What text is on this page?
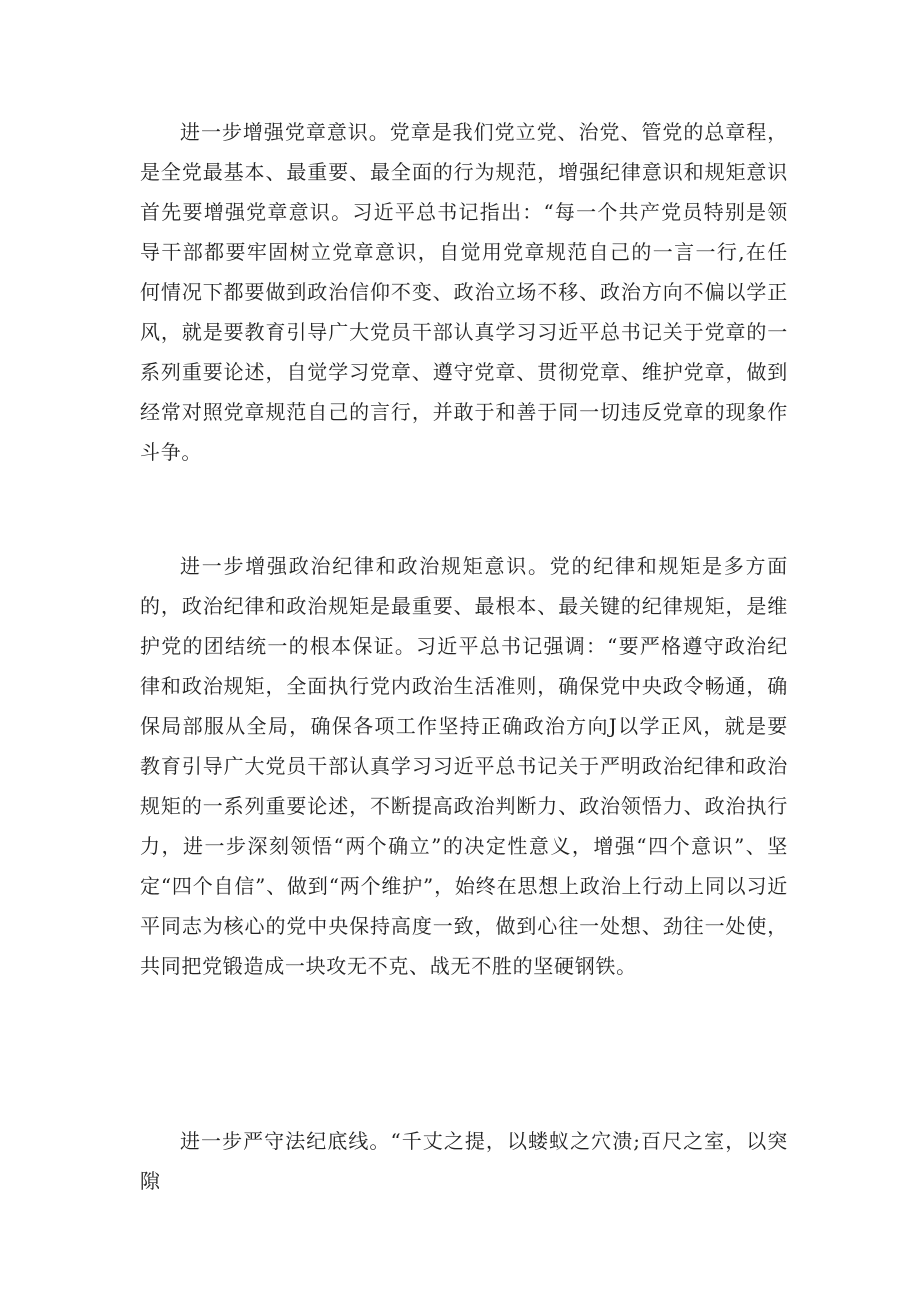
进一步增强党章意识。党章是我们党立党、治党、管党的总章程，是全党最基本、最重要、最全面的行为规范，增强纪律意识和规矩意识首先要增强党章意识。习近平总书记指出：“每一个共产党员特别是领导干部都要牢固树立党章意识，自觉用党章规范自己的一言一行,在任何情况下都要做到政治信仰不变、政治立场不移、政治方向不偏以学正风，就是要教育引导广大党员干部认真学习习近平总书记关于党章的一系列重要论述，自觉学习党章、遵守党章、贯彻党章、维护党章，做到经常对照党章规范自己的言行，并敢于和善于同一切违反党章的现象作斗争。

进一步增强政治纪律和政治规矩意识。党的纪律和规矩是多方面的，政治纪律和政治规矩是最重要、最根本、最关键的纪律规矩，是维护党的团结统一的根本保证。习近平总书记强调：“要严格遵守政治纪律和政治规矩，全面执行党内政治生活准则，确保党中央政令畅通，确保局部服从全局，确保各项工作坚持正确政治方向J以学正风，就是要教育引导广大党员干部认真学习习近平总书记关于严明政治纪律和政治规矩的一系列重要论述，不断提高政治判断力、政治领悟力、政治执行力，进一步深刻领悟“两个确立”的决定性意义，增强“四个意识”、坚定“四个自信”、做到“两个维护”，始终在思想上政治上行动上同以习近平同志为核心的党中央保持高度一致，做到心往一处想、劲往一处使，共同把党锻造成一块攻无不克、战无不胜的坚硬钢铁。

进一步严守法纪底线。“千丈之提，以蝼蚁之穴溃;百尺之室，以突隙
